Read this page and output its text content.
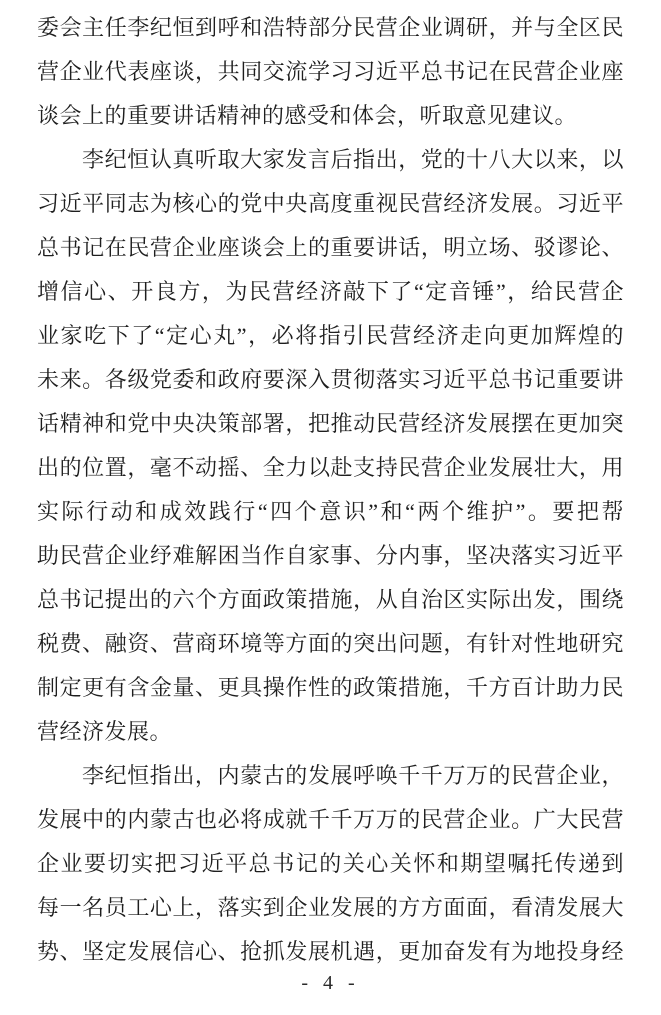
委会主任李纪恒到呼和浩特部分民营企业调研，并与全区民
营企业代表座谈，共同交流学习习近平总书记在民营企业座
谈会上的重要讲话精神的感受和体会，听取意见建议。
李纪恒认真听取大家发言后指出，党的十八大以来，以
习近平同志为核心的党中央高度重视民营经济发展。习近平
总书记在民营企业座谈会上的重要讲话，明立场、驳谬论、
增信心、开良方，为民营经济敲下了“定音锤”，给民营企
业家吃下了“定心丸”，必将指引民营经济走向更加辉煌的
未来。各级党委和政府要深入贯彻落实习近平总书记重要讲
话精神和党中央决策部署，把推动民营经济发展摆在更加突
出的位置，毫不动摇、全力以赴支持民营企业发展壮大，用
实际行动和成效践行“四个意识”和“两个维护”。要把帮
助民营企业纾难解困当作自家事、分内事，坚决落实习近平
总书记提出的六个方面政策措施，从自治区实际出发，围绕
税费、融资、营商环境等方面的突出问题，有针对性地研究
制定更有含金量、更具操作性的政策措施，千方百计助力民
营经济发展。
李纪恒指出，内蒙古的发展呼唤千千万万的民营企业，
发展中的内蒙古也必将成就千千万万的民营企业。广大民营
企业要切实把习近平总书记的关心关怀和期望嘱托传递到
每一名员工心上，落实到企业发展的方方面面，看清发展大
势、坚定发展信心、抢抓发展机遇，更加奋发有为地投身经
- 4 -
